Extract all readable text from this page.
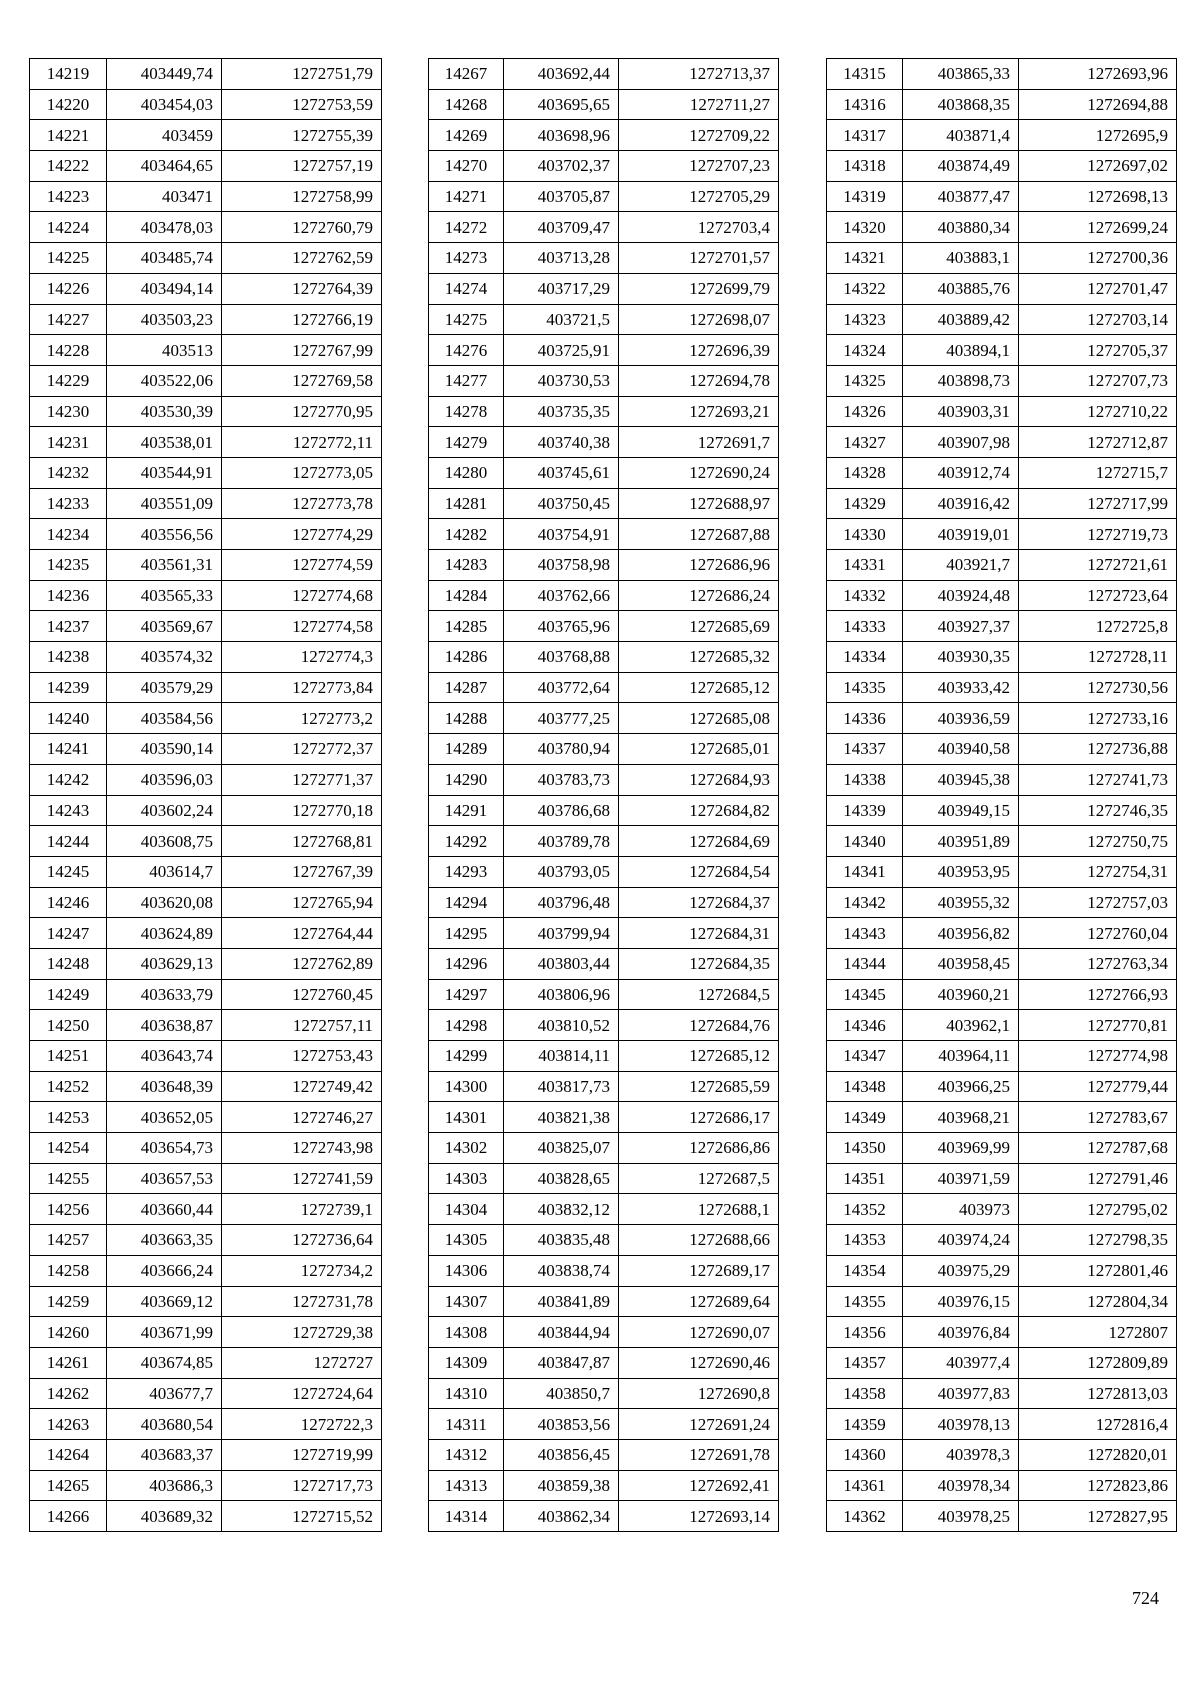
14219	403449,74	1272751,79
14220	403454,03	1272753,59
14221	403459	1272755,39
14222	403464,65	1272757,19
14223	403471	1272758,99
14224	403478,03	1272760,79
14225	403485,74	1272762,59
14226	403494,14	1272764,39
14227	403503,23	1272766,19
14228	403513	1272767,99
14229	403522,06	1272769,58
14230	403530,39	1272770,95
14231	403538,01	1272772,11
14232	403544,91	1272773,05
14233	403551,09	1272773,78
14234	403556,56	1272774,29
14235	403561,31	1272774,59
14236	403565,33	1272774,68
14237	403569,67	1272774,58
14238	403574,32	1272774,3
14239	403579,29	1272773,84
14240	403584,56	1272773,2
14241	403590,14	1272772,37
14242	403596,03	1272771,37
14243	403602,24	1272770,18
14244	403608,75	1272768,81
14245	403614,7	1272767,39
14246	403620,08	1272765,94
14247	403624,89	1272764,44
14248	403629,13	1272762,89
14249	403633,79	1272760,45
14250	403638,87	1272757,11
14251	403643,74	1272753,43
14252	403648,39	1272749,42
14253	403652,05	1272746,27
14254	403654,73	1272743,98
14255	403657,53	1272741,59
14256	403660,44	1272739,1
14257	403663,35	1272736,64
14258	403666,24	1272734,2
14259	403669,12	1272731,78
14260	403671,99	1272729,38
14261	403674,85	1272727
14262	403677,7	1272724,64
14263	403680,54	1272722,3
14264	403683,37	1272719,99
14265	403686,3	1272717,73
14266	403689,32	1272715,52
14267	403692,44	1272713,37
14268	403695,65	1272711,27
14269	403698,96	1272709,22
14270	403702,37	1272707,23
14271	403705,87	1272705,29
14272	403709,47	1272703,4
14273	403713,28	1272701,57
14274	403717,29	1272699,79
14275	403721,5	1272698,07
14276	403725,91	1272696,39
14277	403730,53	1272694,78
14278	403735,35	1272693,21
14279	403740,38	1272691,7
14280	403745,61	1272690,24
14281	403750,45	1272688,97
14282	403754,91	1272687,88
14283	403758,98	1272686,96
14284	403762,66	1272686,24
14285	403765,96	1272685,69
14286	403768,88	1272685,32
14287	403772,64	1272685,12
14288	403777,25	1272685,08
14289	403780,94	1272685,01
14290	403783,73	1272684,93
14291	403786,68	1272684,82
14292	403789,78	1272684,69
14293	403793,05	1272684,54
14294	403796,48	1272684,37
14295	403799,94	1272684,31
14296	403803,44	1272684,35
14297	403806,96	1272684,5
14298	403810,52	1272684,76
14299	403814,11	1272685,12
14300	403817,73	1272685,59
14301	403821,38	1272686,17
14302	403825,07	1272686,86
14303	403828,65	1272687,5
14304	403832,12	1272688,1
14305	403835,48	1272688,66
14306	403838,74	1272689,17
14307	403841,89	1272689,64
14308	403844,94	1272690,07
14309	403847,87	1272690,46
14310	403850,7	1272690,8
14311	403853,56	1272691,24
14312	403856,45	1272691,78
14313	403859,38	1272692,41
14314	403862,34	1272693,14
14315	403865,33	1272693,96
14316	403868,35	1272694,88
14317	403871,4	1272695,9
14318	403874,49	1272697,02
14319	403877,47	1272698,13
14320	403880,34	1272699,24
14321	403883,1	1272700,36
14322	403885,76	1272701,47
14323	403889,42	1272703,14
14324	403894,1	1272705,37
14325	403898,73	1272707,73
14326	403903,31	1272710,22
14327	403907,98	1272712,87
14328	403912,74	1272715,7
14329	403916,42	1272717,99
14330	403919,01	1272719,73
14331	403921,7	1272721,61
14332	403924,48	1272723,64
14333	403927,37	1272725,8
14334	403930,35	1272728,11
14335	403933,42	1272730,56
14336	403936,59	1272733,16
14337	403940,58	1272736,88
14338	403945,38	1272741,73
14339	403949,15	1272746,35
14340	403951,89	1272750,75
14341	403953,95	1272754,31
14342	403955,32	1272757,03
14343	403956,82	1272760,04
14344	403958,45	1272763,34
14345	403960,21	1272766,93
14346	403962,1	1272770,81
14347	403964,11	1272774,98
14348	403966,25	1272779,44
14349	403968,21	1272783,67
14350	403969,99	1272787,68
14351	403971,59	1272791,46
14352	403973	1272795,02
14353	403974,24	1272798,35
14354	403975,29	1272801,46
14355	403976,15	1272804,34
14356	403976,84	1272807
14357	403977,4	1272809,89
14358	403977,83	1272813,03
14359	403978,13	1272816,4
14360	403978,3	1272820,01
14361	403978,34	1272823,86
14362	403978,25	1272827,95
724
